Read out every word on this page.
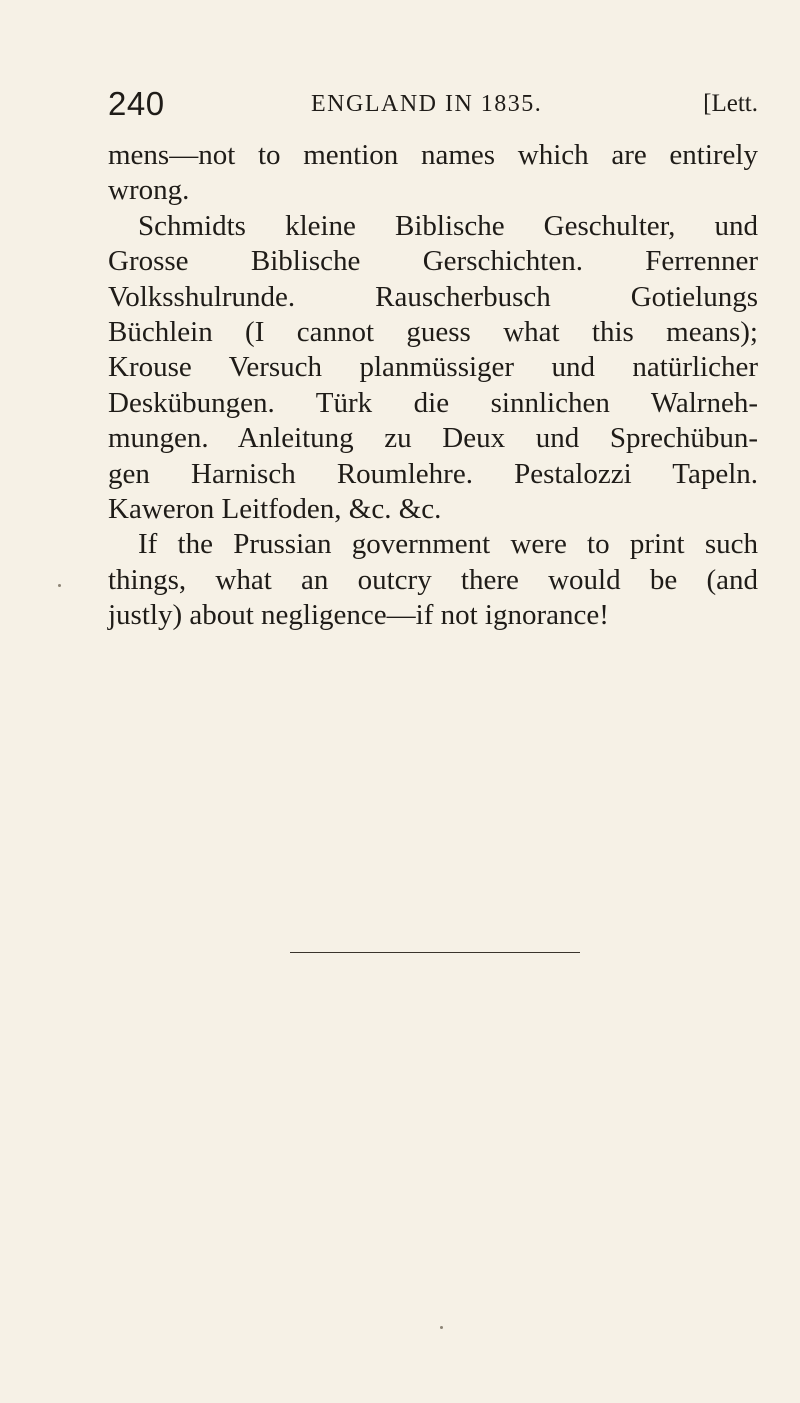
240	ENGLAND IN 1835.	[Lett.
mens—not to mention names which are entirely
wrong.
Schmidts kleine Biblische Geschulter, und
Grosse Biblische Gerschichten. Ferrenner
Volksshulrunde. Rauscherbusch Gotielungs
Büchlein (I cannot guess what this means);
Krouse Versuch planmüssiger und natürlicher
Deskübungen. Türk die sinnlichen Walrneh-
mungen. Anleitung zu Deux und Sprechübun-
gen Harnisch Roumlehre. Pestalozzi Tapeln.
Kaweron Leitfoden, &c. &c.
If the Prussian government were to print such
things, what an outcry there would be (and
justly) about negligence—if not ignorance!
